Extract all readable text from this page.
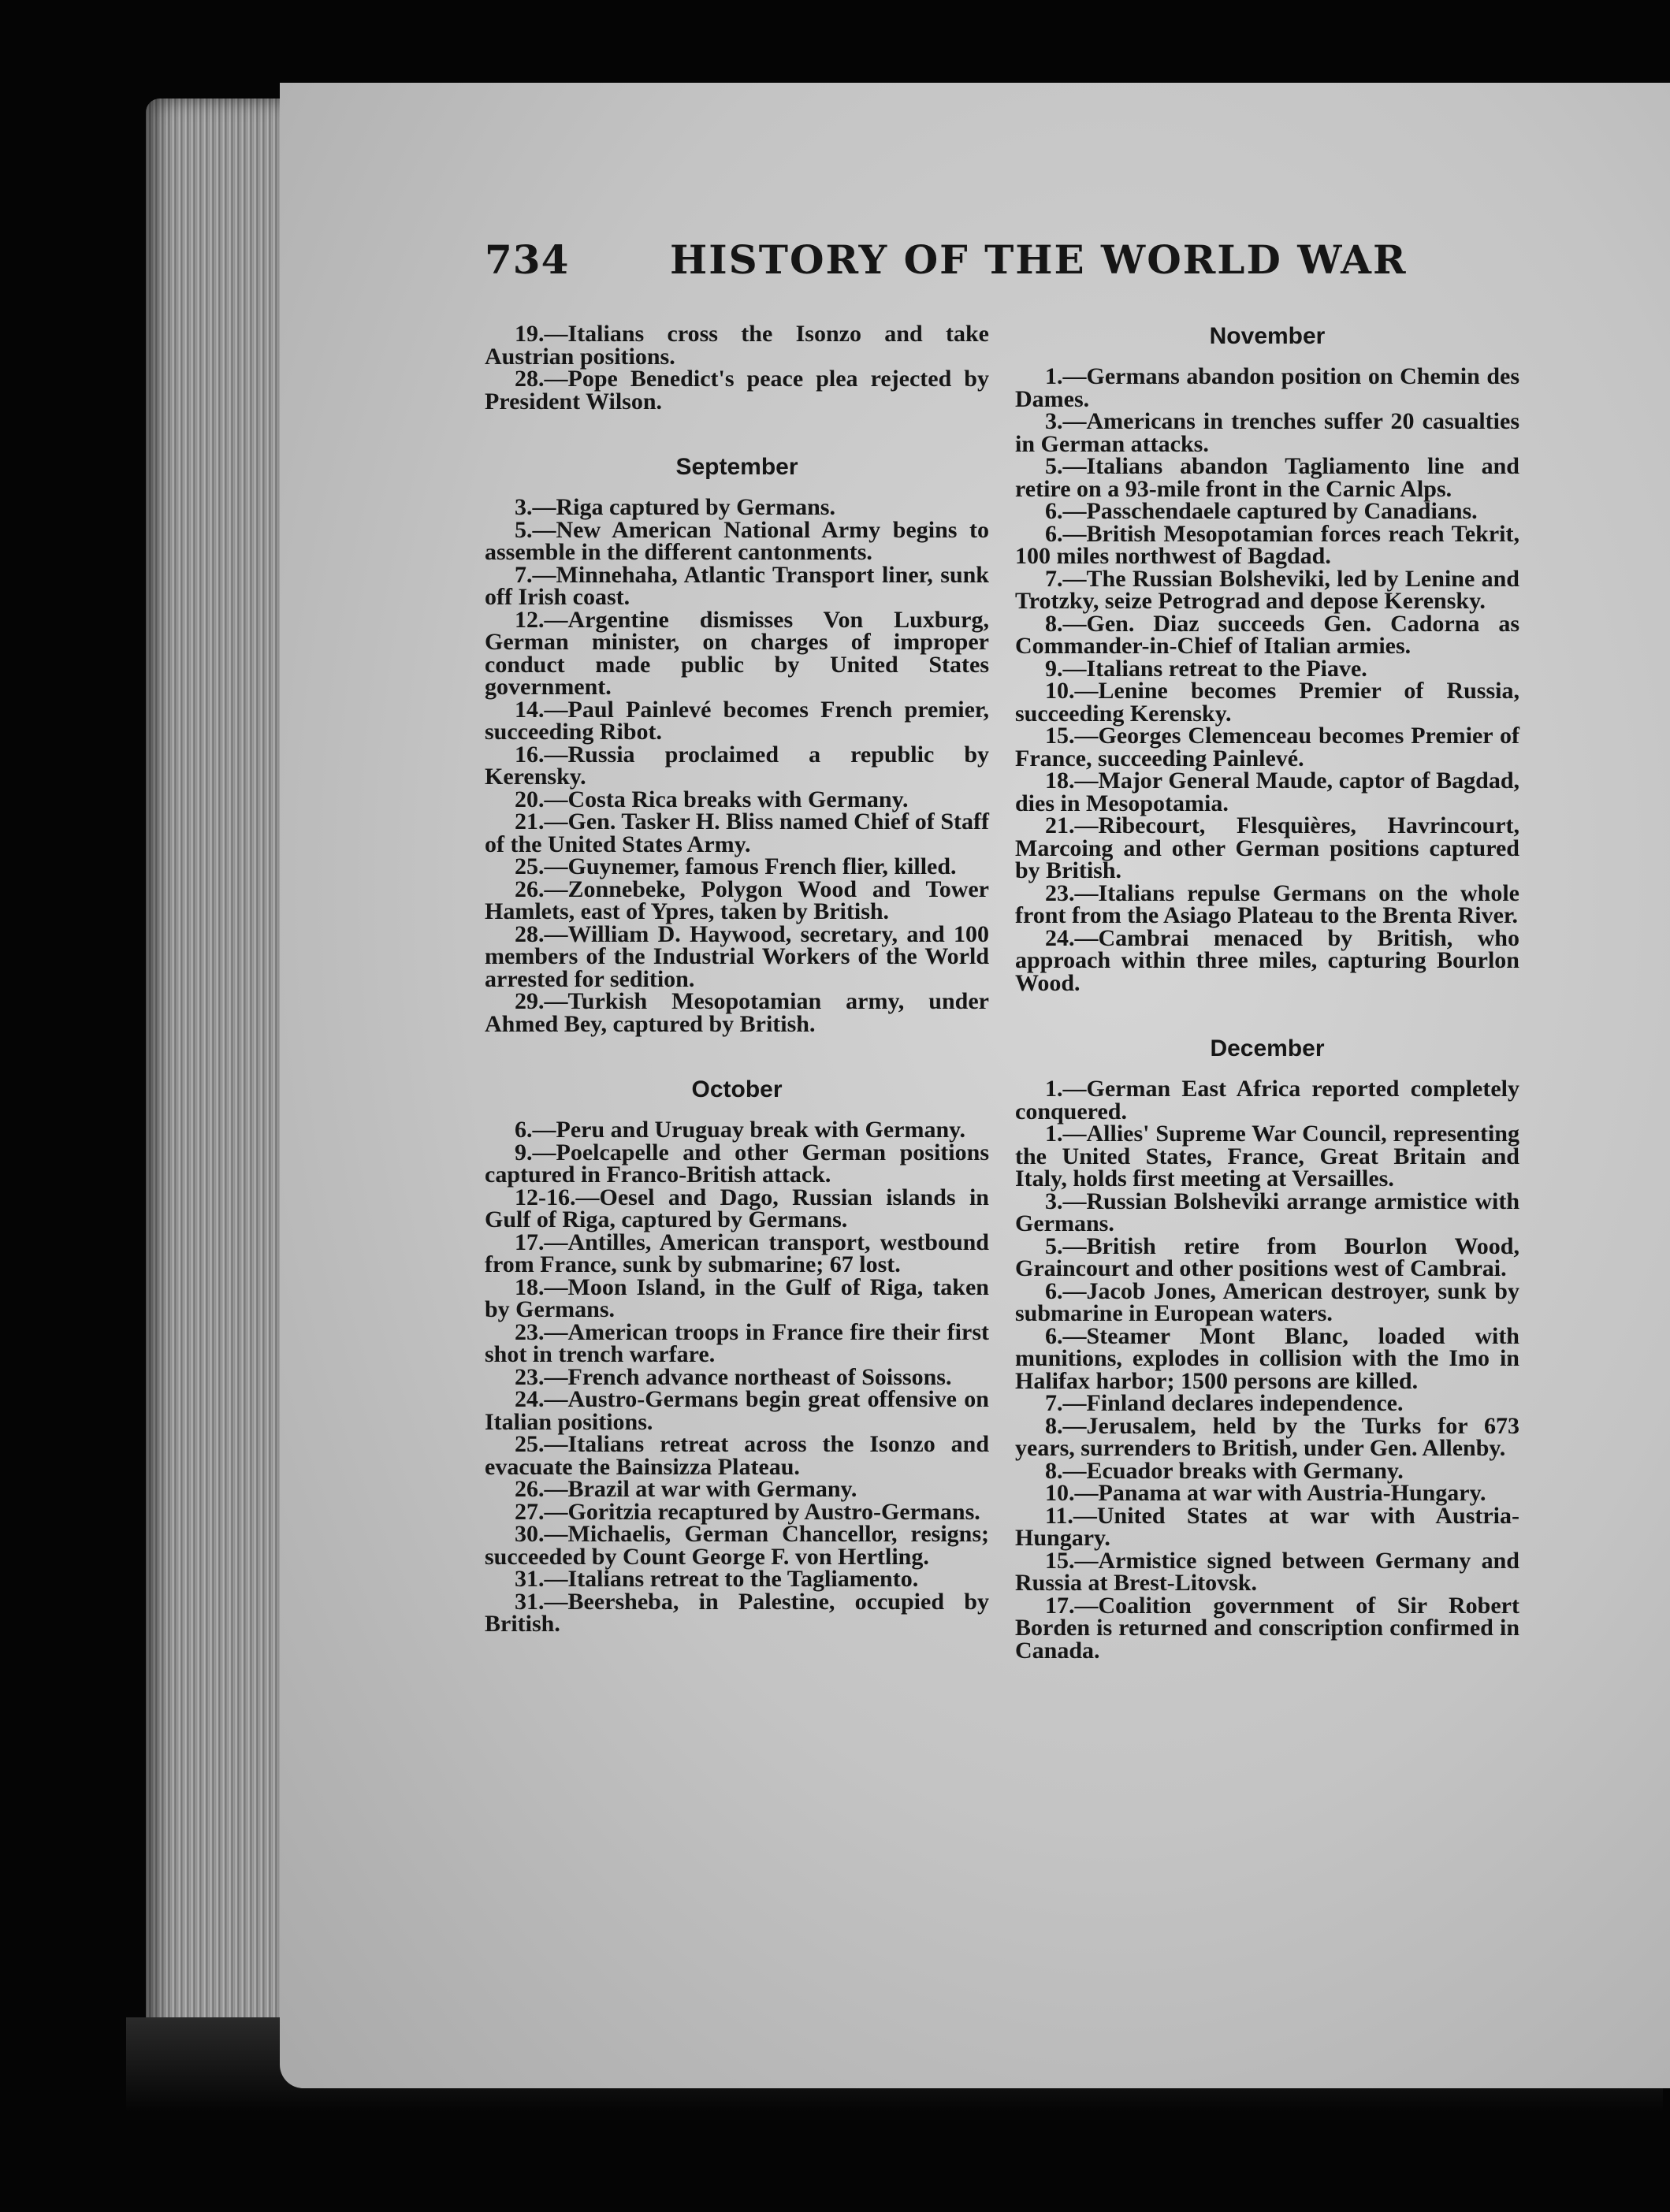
734	HISTORY OF THE WORLD WAR

19.—Italians cross the Isonzo and take Austrian positions.

28.—Pope Benedict's peace plea rejected by President Wilson.

September

3.—Riga captured by Germans.

5.—New American National Army begins to assemble in the different cantonments.

7.—Minnehaha, Atlantic Transport liner, sunk off Irish coast.

12.—Argentine dismisses Von Luxburg, German minister, on charges of improper conduct made public by United States government.

14.—Paul Painlevé becomes French premier, succeeding Ribot.

16.—Russia proclaimed a republic by Kerensky.

20.—Costa Rica breaks with Germany.

21.—Gen. Tasker H. Bliss named Chief of Staff of the United States Army.

25.—Guynemer, famous French flier, killed.

26.—Zonnebeke, Polygon Wood and Tower Hamlets, east of Ypres, taken by British.

28.—William D. Haywood, secretary, and 100 members of the Industrial Workers of the World arrested for sedition.

29.—Turkish Mesopotamian army, under Ahmed Bey, captured by British.

October

6.—Peru and Uruguay break with Germany.

9.—Poelcapelle and other German positions captured in Franco-British attack.

12-16.—Oesel and Dago, Russian islands in Gulf of Riga, captured by Germans.

17.—Antilles, American transport, westbound from France, sunk by submarine; 67 lost.

18.—Moon Island, in the Gulf of Riga, taken by Germans.

23.—American troops in France fire their first shot in trench warfare.

23.—French advance northeast of Soissons.

24.—Austro-Germans begin great offensive on Italian positions.

25.—Italians retreat across the Isonzo and evacuate the Bainsizza Plateau.

26.—Brazil at war with Germany.

27.—Goritzia recaptured by Austro-Germans.

30.—Michaelis, German Chancellor, resigns; succeeded by Count George F. von Hertling.

31.—Italians retreat to the Tagliamento.

31.—Beersheba, in Palestine, occupied by British.

November

1.—Germans abandon position on Chemin des Dames.

3.—Americans in trenches suffer 20 casualties in German attacks.

5.—Italians abandon Tagliamento line and retire on a 93-mile front in the Carnic Alps.

6.—Passchendaele captured by Canadians.

6.—British Mesopotamian forces reach Tekrit, 100 miles northwest of Bagdad.

7.—The Russian Bolsheviki, led by Lenine and Trotzky, seize Petrograd and depose Kerensky.

8.—Gen. Diaz succeeds Gen. Cadorna as Commander-in-Chief of Italian armies.

9.—Italians retreat to the Piave.

10.—Lenine becomes Premier of Russia, succeeding Kerensky.

15.—Georges Clemenceau becomes Premier of France, succeeding Painlevé.

18.—Major General Maude, captor of Bagdad, dies in Mesopotamia.

21.—Ribecourt, Flesquières, Havrincourt, Marcoing and other German positions captured by British.

23.—Italians repulse Germans on the whole front from the Asiago Plateau to the Brenta River.

24.—Cambrai menaced by British, who approach within three miles, capturing Bourlon Wood.

December

1.—German East Africa reported completely conquered.

1.—Allies' Supreme War Council, representing the United States, France, Great Britain and Italy, holds first meeting at Versailles.

3.—Russian Bolsheviki arrange armistice with Germans.

5.—British retire from Bourlon Wood, Graincourt and other positions west of Cambrai.

6.—Jacob Jones, American destroyer, sunk by submarine in European waters.

6.—Steamer Mont Blanc, loaded with munitions, explodes in collision with the Imo in Halifax harbor; 1500 persons are killed.

7.—Finland declares independence.

8.—Jerusalem, held by the Turks for 673 years, surrenders to British, under Gen. Allenby.

8.—Ecuador breaks with Germany.

10.—Panama at war with Austria-Hungary.

11.—United States at war with Austria-Hungary.

15.—Armistice signed between Germany and Russia at Brest-Litovsk.

17.—Coalition government of Sir Robert Borden is returned and conscription confirmed in Canada.
